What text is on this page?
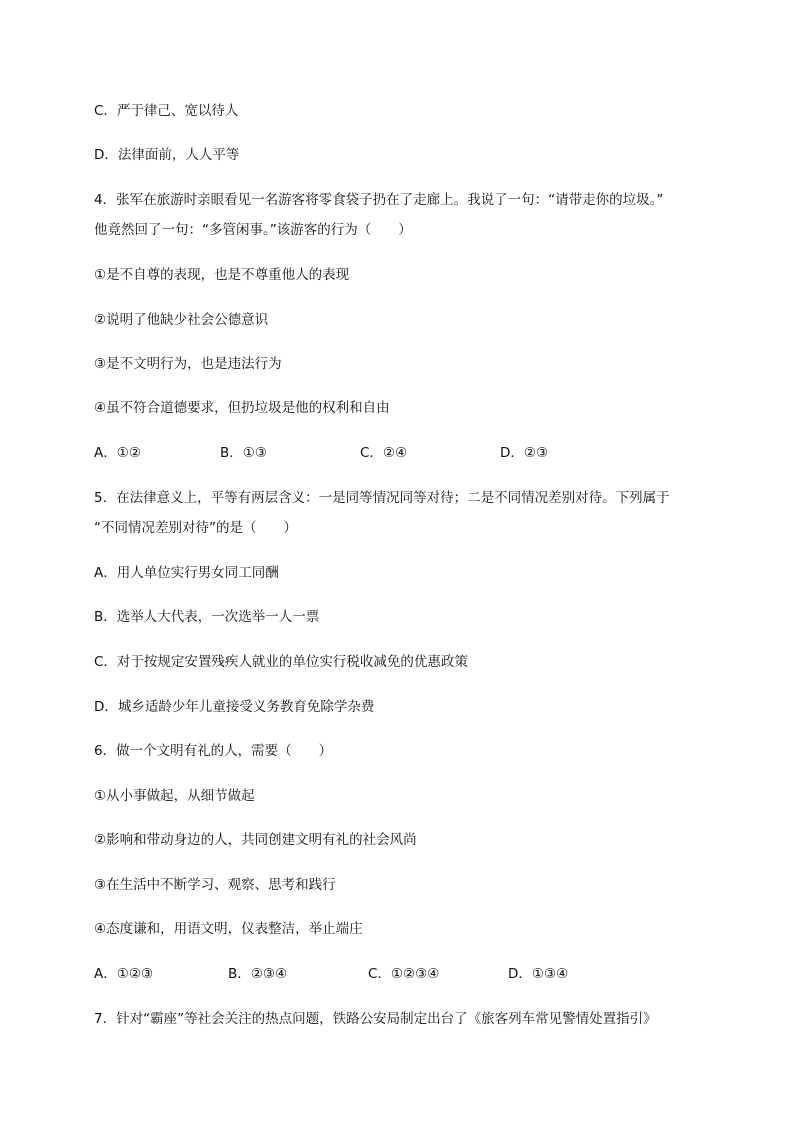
C．严于律己、宽以待人
D．法律面前，人人平等
4．张军在旅游时亲眼看见一名游客将零食袋子扔在了走廊上。我说了一句：“请带走你的垃圾。”
他竟然回了一句：“多管闲事。”该游客的行为（　　）
①是不自尊的表现，也是不尊重他人的表现
②说明了他缺少社会公德意识
③是不文明行为，也是违法行为
④虽不符合道德要求，但扔垃圾是他的权利和自由
A．①②	B．①③	C．②④	D．②③
5．在法律意义上，平等有两层含义：一是同等情况同等对待；二是不同情况差别对待。下列属于
“不同情况差别对待”的是（　　）
A．用人单位实行男女同工同酬
B．选举人大代表，一次选举一人一票
C．对于按规定安置残疾人就业的单位实行税收减免的优惠政策
D．城乡适龄少年儿童接受义务教育免除学杂费
6．做一个文明有礼的人，需要（　　）
①从小事做起，从细节做起
②影响和带动身边的人，共同创建文明有礼的社会风尚
③在生活中不断学习、观察、思考和践行
④态度谦和，用语文明，仪表整洁，举止端庄
A．①②③	B．②③④	C．①②③④	D．①③④
7．针对“霸座”等社会关注的热点问题，铁路公安局制定出台了《旅客列车常见警情处置指引》
